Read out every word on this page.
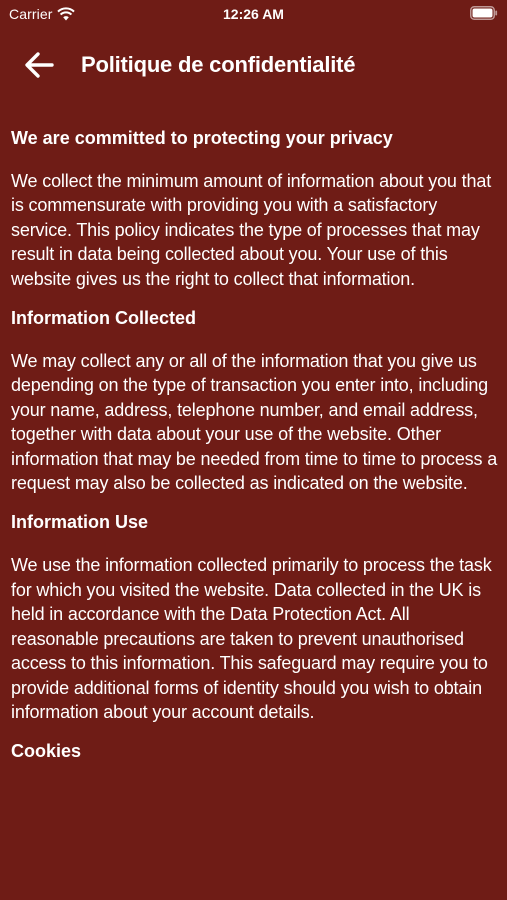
Carrier	12:26 AM
Politique de confidentialité
We are committed to protecting your privacy

We collect the minimum amount of information about you that is commensurate with providing you with a satisfactory service. This policy indicates the type of processes that may result in data being collected about you. Your use of this website gives us the right to collect that information.

Information Collected

We may collect any or all of the information that you give us depending on the type of transaction you enter into, including your name, address, telephone number, and email address, together with data about your use of the website. Other information that may be needed from time to time to process a request may also be collected as indicated on the website.

Information Use

We use the information collected primarily to process the task for which you visited the website. Data collected in the UK is held in accordance with the Data Protection Act. All reasonable precautions are taken to prevent unauthorised access to this information. This safeguard may require you to provide additional forms of identity should you wish to obtain information about your account details.

Cookies
